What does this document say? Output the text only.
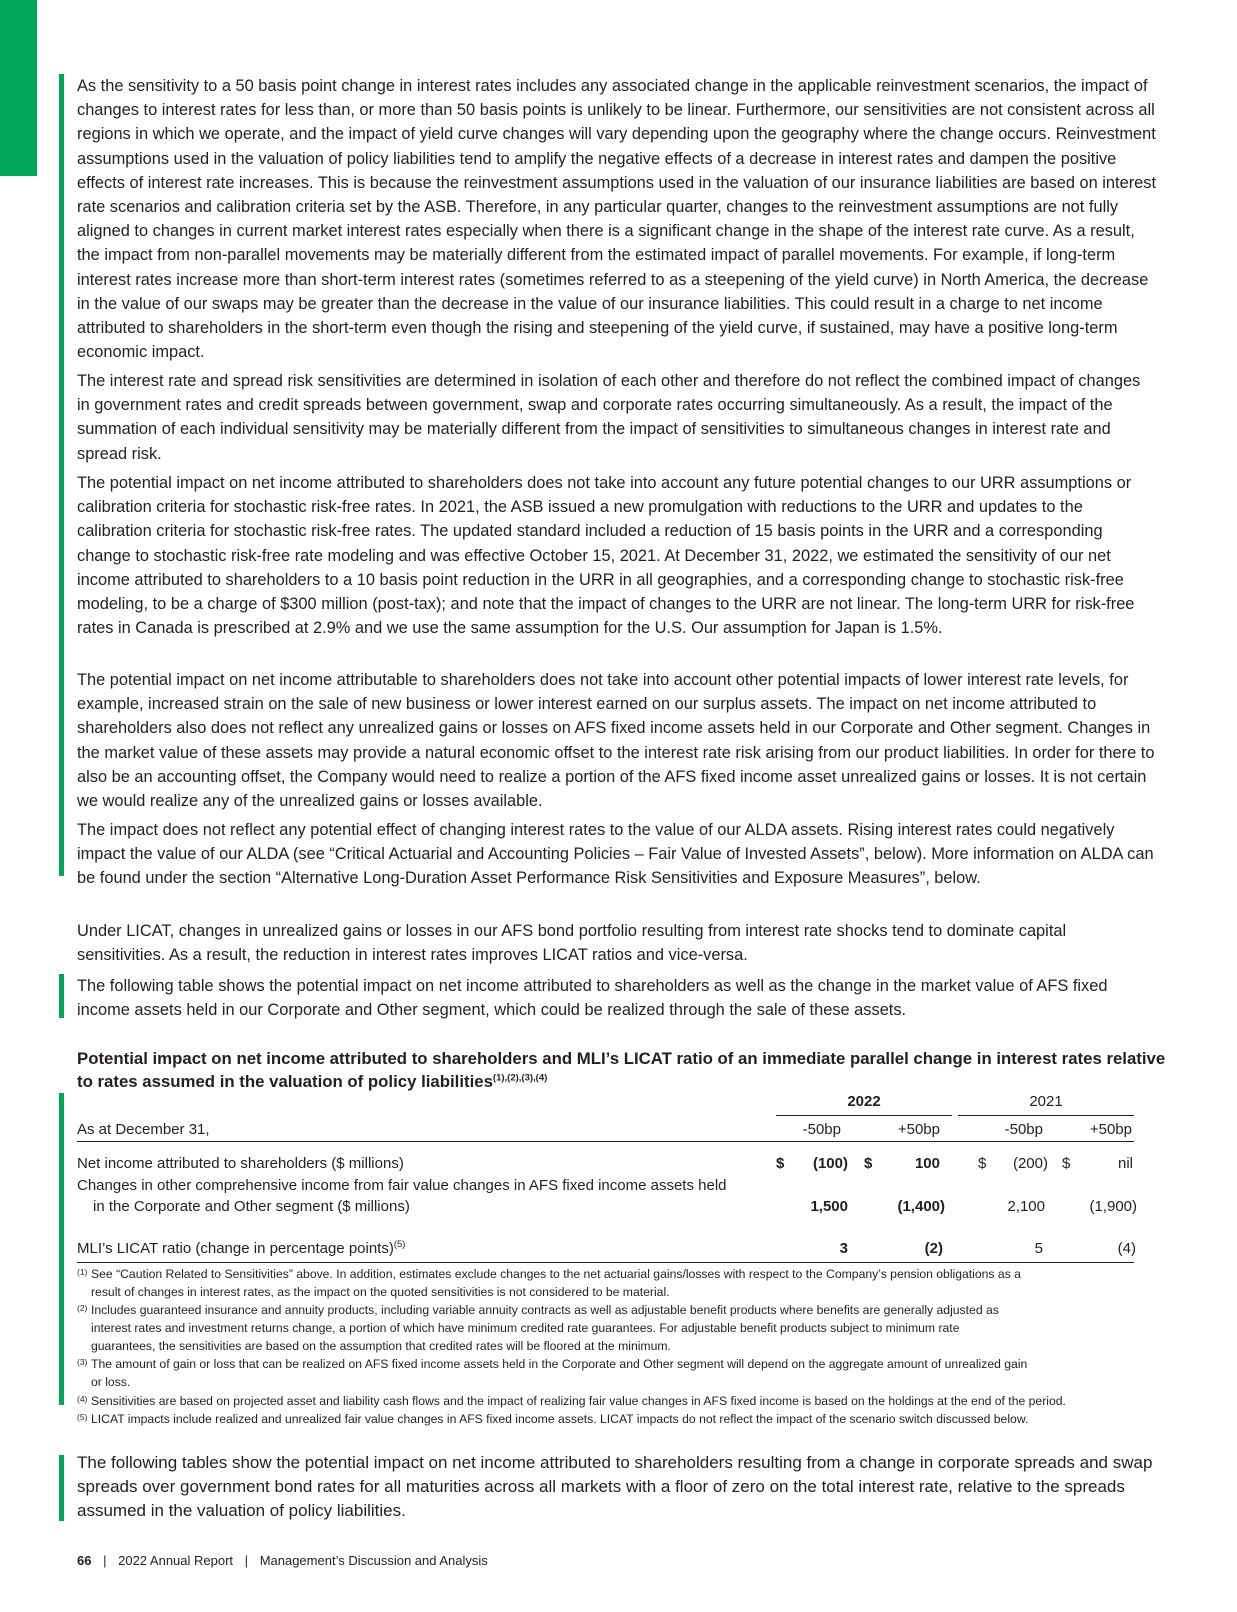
As the sensitivity to a 50 basis point change in interest rates includes any associated change in the applicable reinvestment scenarios, the impact of changes to interest rates for less than, or more than 50 basis points is unlikely to be linear. Furthermore, our sensitivities are not consistent across all regions in which we operate, and the impact of yield curve changes will vary depending upon the geography where the change occurs. Reinvestment assumptions used in the valuation of policy liabilities tend to amplify the negative effects of a decrease in interest rates and dampen the positive effects of interest rate increases. This is because the reinvestment assumptions used in the valuation of our insurance liabilities are based on interest rate scenarios and calibration criteria set by the ASB. Therefore, in any particular quarter, changes to the reinvestment assumptions are not fully aligned to changes in current market interest rates especially when there is a significant change in the shape of the interest rate curve. As a result, the impact from non-parallel movements may be materially different from the estimated impact of parallel movements. For example, if long-term interest rates increase more than short-term interest rates (sometimes referred to as a steepening of the yield curve) in North America, the decrease in the value of our swaps may be greater than the decrease in the value of our insurance liabilities. This could result in a charge to net income attributed to shareholders in the short-term even though the rising and steepening of the yield curve, if sustained, may have a positive long-term economic impact.

The interest rate and spread risk sensitivities are determined in isolation of each other and therefore do not reflect the combined impact of changes in government rates and credit spreads between government, swap and corporate rates occurring simultaneously. As a result, the impact of the summation of each individual sensitivity may be materially different from the impact of sensitivities to simultaneous changes in interest rate and spread risk.

The potential impact on net income attributed to shareholders does not take into account any future potential changes to our URR assumptions or calibration criteria for stochastic risk-free rates. In 2021, the ASB issued a new promulgation with reductions to the URR and updates to the calibration criteria for stochastic risk-free rates. The updated standard included a reduction of 15 basis points in the URR and a corresponding change to stochastic risk-free rate modeling and was effective October 15, 2021. At December 31, 2022, we estimated the sensitivity of our net income attributed to shareholders to a 10 basis point reduction in the URR in all geographies, and a corresponding change to stochastic risk-free modeling, to be a charge of $300 million (post-tax); and note that the impact of changes to the URR are not linear. The long-term URR for risk-free rates in Canada is prescribed at 2.9% and we use the same assumption for the U.S. Our assumption for Japan is 1.5%.

The potential impact on net income attributable to shareholders does not take into account other potential impacts of lower interest rate levels, for example, increased strain on the sale of new business or lower interest earned on our surplus assets. The impact on net income attributed to shareholders also does not reflect any unrealized gains or losses on AFS fixed income assets held in our Corporate and Other segment. Changes in the market value of these assets may provide a natural economic offset to the interest rate risk arising from our product liabilities. In order for there to also be an accounting offset, the Company would need to realize a portion of the AFS fixed income asset unrealized gains or losses. It is not certain we would realize any of the unrealized gains or losses available.

The impact does not reflect any potential effect of changing interest rates to the value of our ALDA assets. Rising interest rates could negatively impact the value of our ALDA (see “Critical Actuarial and Accounting Policies – Fair Value of Invested Assets”, below). More information on ALDA can be found under the section “Alternative Long-Duration Asset Performance Risk Sensitivities and Exposure Measures”, below.

Under LICAT, changes in unrealized gains or losses in our AFS bond portfolio resulting from interest rate shocks tend to dominate capital sensitivities. As a result, the reduction in interest rates improves LICAT ratios and vice-versa.

The following table shows the potential impact on net income attributed to shareholders as well as the change in the market value of AFS fixed income assets held in our Corporate and Other segment, which could be realized through the sale of these assets.

Potential impact on net income attributed to shareholders and MLI’s LICAT ratio of an immediate parallel change in interest rates relative to rates assumed in the valuation of policy liabilities$^{(1),(2),(3),(4)}$

2022	2021
As at December 31,	-50bp	+50bp	-50bp	+50bp
Net income attributed to shareholders ($ millions)	$	(100) $	100	$	(200) $	nil
Changes in other comprehensive income from fair value changes in AFS fixed income assets held
in the Corporate and Other segment ($ millions)	1,500	(1,400)	2,100	(1,900)
MLI’s LICAT ratio (change in percentage points)$^{(5)}$	3	(2)	5	(4)
(1) See “Caution Related to Sensitivities” above. In addition, estimates exclude changes to the net actuarial gains/losses with respect to the Company’s pension obligations as a
result of changes in interest rates, as the impact on the quoted sensitivities is not considered to be material.
(2) Includes guaranteed insurance and annuity products, including variable annuity contracts as well as adjustable benefit products where benefits are generally adjusted as
interest rates and investment returns change, a portion of which have minimum credited rate guarantees. For adjustable benefit products subject to minimum rate
guarantees, the sensitivities are based on the assumption that credited rates will be floored at the minimum.
(3) The amount of gain or loss that can be realized on AFS fixed income assets held in the Corporate and Other segment will depend on the aggregate amount of unrealized gain
or loss.
(4) Sensitivities are based on projected asset and liability cash flows and the impact of realizing fair value changes in AFS fixed income is based on the holdings at the end of the period.
(5) LICAT impacts include realized and unrealized fair value changes in AFS fixed income assets. LICAT impacts do not reflect the impact of the scenario switch discussed below.

The following tables show the potential impact on net income attributed to shareholders resulting from a change in corporate spreads and swap spreads over government bond rates for all maturities across all markets with a floor of zero on the total interest rate, relative to the spreads assumed in the valuation of policy liabilities.

66 | 2022 Annual Report | Management’s Discussion and Analysis
